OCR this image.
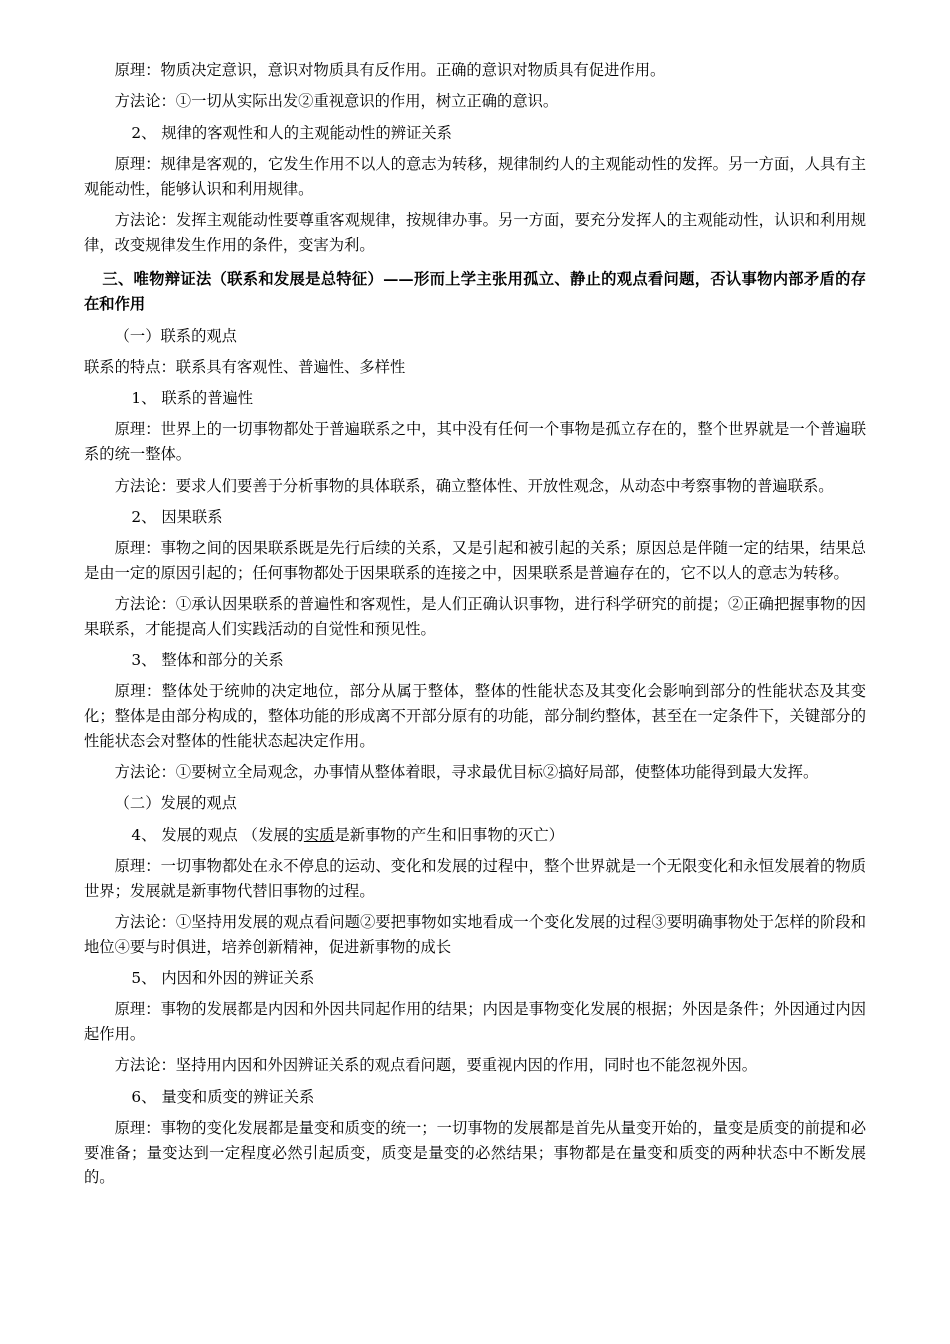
原理：物质决定意识，意识对物质具有反作用。正确的意识对物质具有促进作用。

方法论：①一切从实际出发②重视意识的作用，树立正确的意识。

2、 规律的客观性和人的主观能动性的辨证关系

原理：规律是客观的，它发生作用不以人的意志为转移，规律制约人的主观能动性的发挥。另一方面，人具有主观能动性，能够认识和利用规律。

方法论：发挥主观能动性要尊重客观规律，按规律办事。另一方面，要充分发挥人的主观能动性，认识和利用规律，改变规律发生作用的条件，变害为利。

三、唯物辩证法（联系和发展是总特征）——形而上学主张用孤立、静止的观点看问题，否认事物内部矛盾的存在和作用

（一）联系的观点

联系的特点：联系具有客观性、普遍性、多样性

1、 联系的普遍性

原理：世界上的一切事物都处于普遍联系之中，其中没有任何一个事物是孤立存在的，整个世界就是一个普遍联系的统一整体。

方法论：要求人们要善于分析事物的具体联系，确立整体性、开放性观念，从动态中考察事物的普遍联系。

2、 因果联系

原理：事物之间的因果联系既是先行后续的关系，又是引起和被引起的关系；原因总是伴随一定的结果，结果总是由一定的原因引起的；任何事物都处于因果联系的连接之中，因果联系是普遍存在的，它不以人的意志为转移。

方法论：①承认因果联系的普遍性和客观性，是人们正确认识事物，进行科学研究的前提；②正确把握事物的因果联系，才能提高人们实践活动的自觉性和预见性。

3、 整体和部分的关系

原理：整体处于统帅的决定地位，部分从属于整体，整体的性能状态及其变化会影响到部分的性能状态及其变化；整体是由部分构成的，整体功能的形成离不开部分原有的功能，部分制约整体，甚至在一定条件下，关键部分的性能状态会对整体的性能状态起决定作用。

方法论：①要树立全局观念，办事情从整体着眼，寻求最优目标②搞好局部，使整体功能得到最大发挥。

（二）发展的观点

4、 发展的观点 （发展的实质是新事物的产生和旧事物的灭亡）

原理：一切事物都处在永不停息的运动、变化和发展的过程中，整个世界就是一个无限变化和永恒发展着的物质世界；发展就是新事物代替旧事物的过程。

方法论：①坚持用发展的观点看问题②要把事物如实地看成一个变化发展的过程③要明确事物处于怎样的阶段和地位④要与时俱进，培养创新精神，促进新事物的成长

5、 内因和外因的辨证关系

原理：事物的发展都是内因和外因共同起作用的结果；内因是事物变化发展的根据；外因是条件；外因通过内因起作用。

方法论：坚持用内因和外因辨证关系的观点看问题，要重视内因的作用，同时也不能忽视外因。

6、 量变和质变的辨证关系

原理：事物的变化发展都是量变和质变的统一；一切事物的发展都是首先从量变开始的，量变是质变的前提和必要准备；量变达到一定程度必然引起质变，质变是量变的必然结果；事物都是在量变和质变的两种状态中不断发展的。
